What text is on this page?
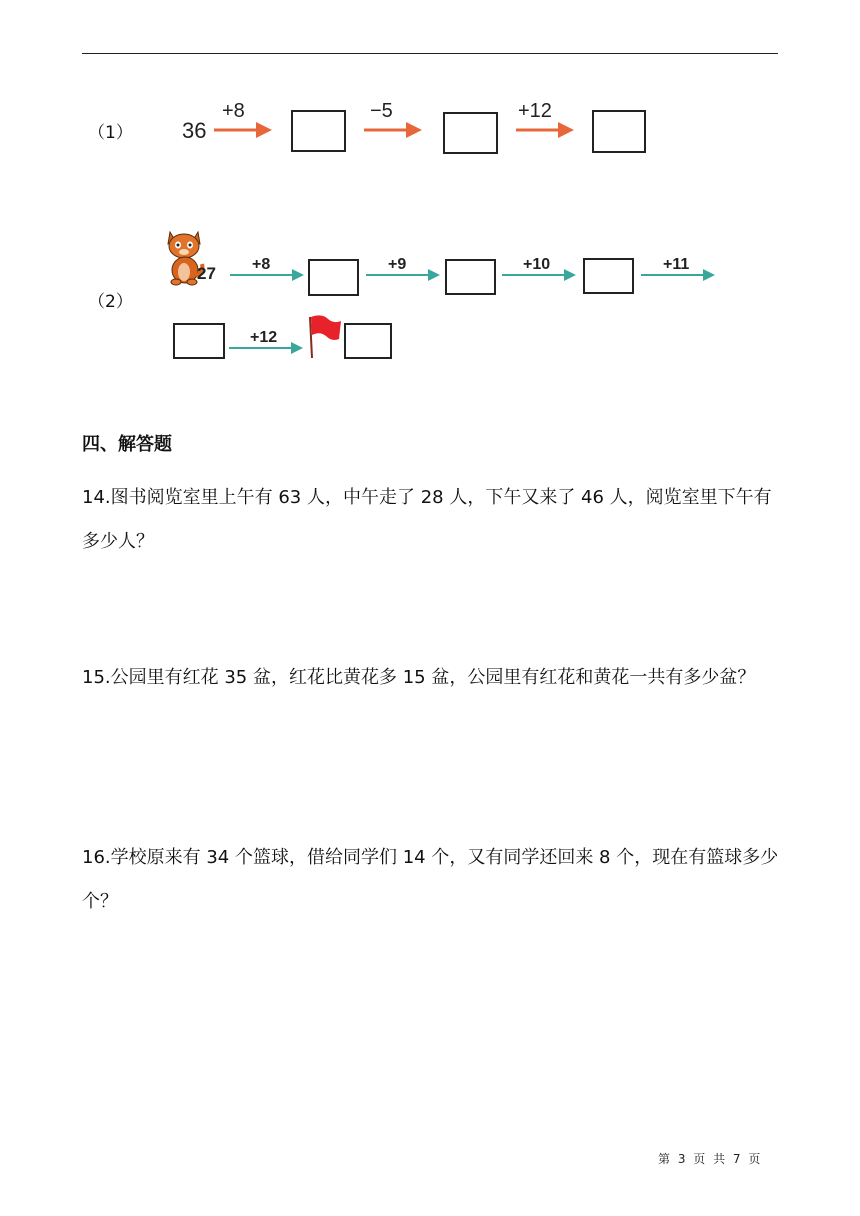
（1） 36
+8	−5	+12
（2）
27 +8	+9	+10	+11
+12
四、解答题
14.图书阅览室里上午有 63 人，中午走了 28 人，下午又来了 46 人，阅览室里下午有多少人？
15.公园里有红花 35 盆，红花比黄花多 15 盆，公园里有红花和黄花一共有多少盆？
16.学校原来有 34 个篮球，借给同学们 14 个，又有同学还回来 8 个，现在有篮球多少个？
第 3 页 共 7 页
